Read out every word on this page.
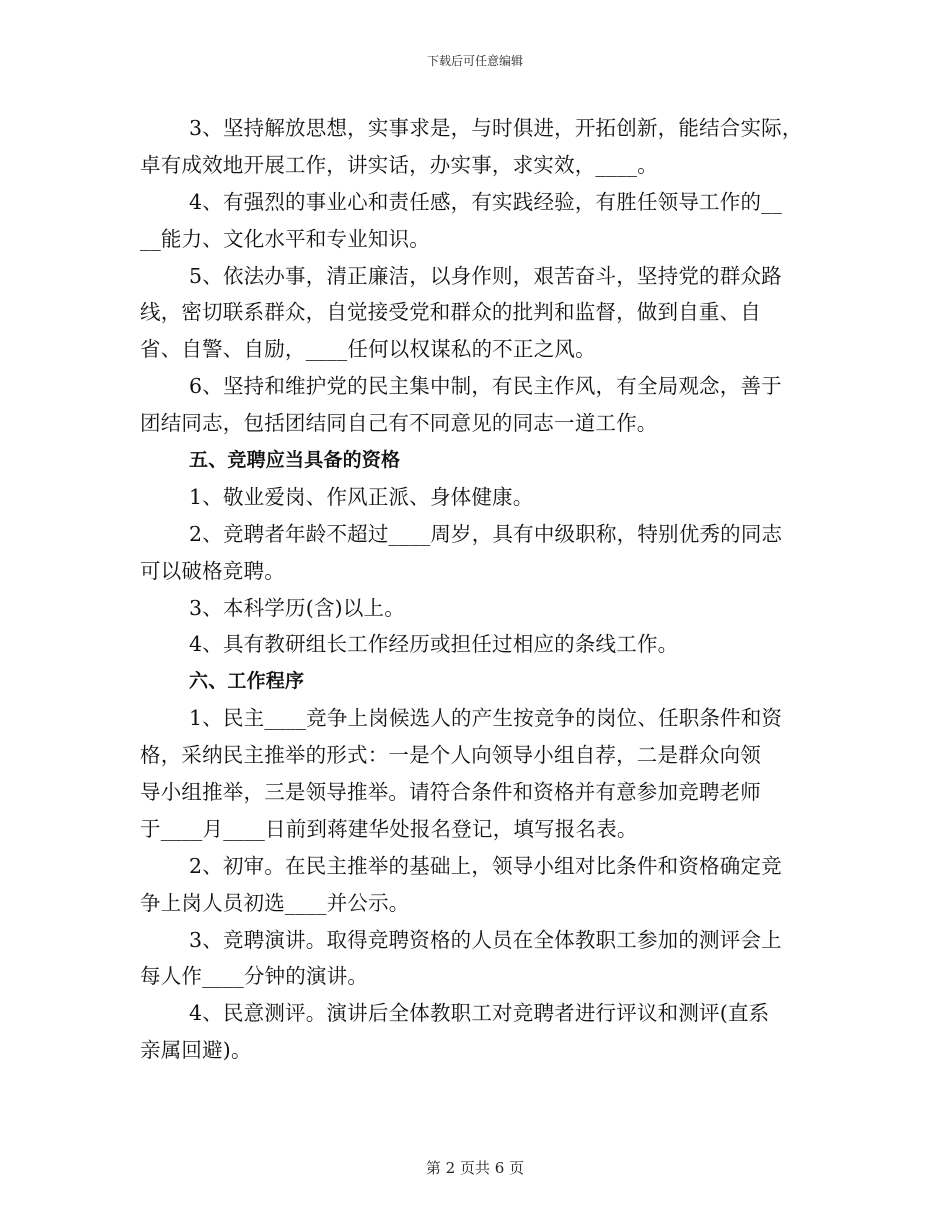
下载后可任意编辑
3、坚持解放思想，实事求是，与时俱进，开拓创新，能结合实际，
卓有成效地开展工作，讲实话，办实事，求实效，____。
4、有强烈的事业心和责任感，有实践经验，有胜任领导工作的__
__能力、文化水平和专业知识。
5、依法办事，清正廉洁，以身作则，艰苦奋斗，坚持党的群众路
线，密切联系群众，自觉接受党和群众的批判和监督，做到自重、自
省、自警、自励，____任何以权谋私的不正之风。
6、坚持和维护党的民主集中制，有民主作风，有全局观念，善于
团结同志，包括团结同自己有不同意见的同志一道工作。
五、竞聘应当具备的资格
1、敬业爱岗、作风正派、身体健康。
2、竞聘者年龄不超过____周岁，具有中级职称，特别优秀的同志
可以破格竞聘。
3、本科学历(含)以上。
4、具有教研组长工作经历或担任过相应的条线工作。
六、工作程序
1、民主____竞争上岗候选人的产生按竞争的岗位、任职条件和资
格，采纳民主推举的形式：一是个人向领导小组自荐，二是群众向领
导小组推举，三是领导推举。请符合条件和资格并有意参加竞聘老师
于____月____日前到蒋建华处报名登记，填写报名表。
2、初审。在民主推举的基础上，领导小组对比条件和资格确定竞
争上岗人员初选____并公示。
3、竞聘演讲。取得竞聘资格的人员在全体教职工参加的测评会上
每人作____分钟的演讲。
4、民意测评。演讲后全体教职工对竞聘者进行评议和测评(直系
亲属回避)。
第 2 页共 6 页
